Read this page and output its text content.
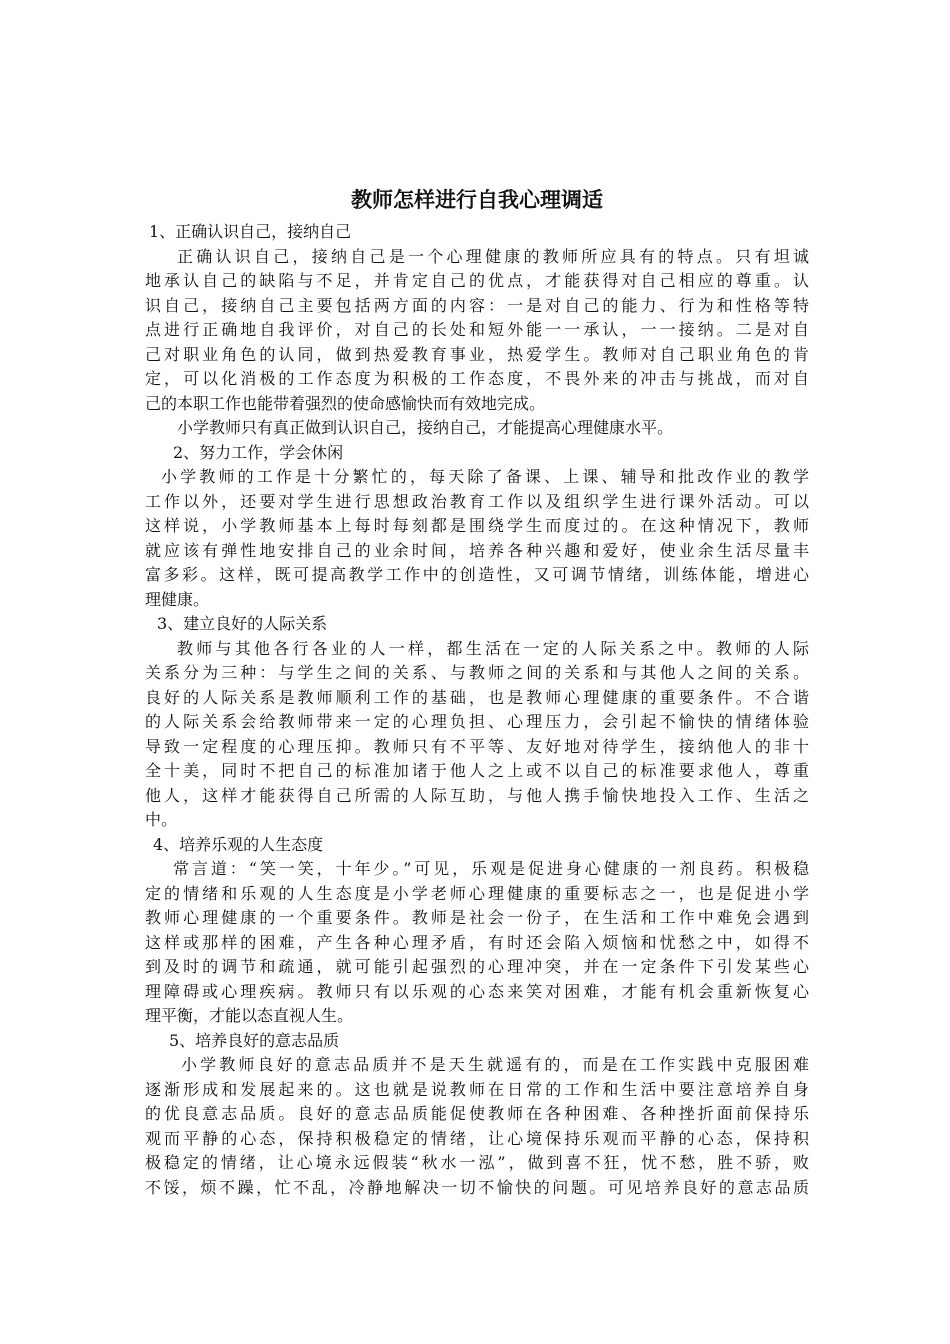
教师怎样进行自我心理调适

1、正确认识自己，接纳自己

正确认识自己，接纳自己是一个心理健康的教师所应具有的特点。只有坦诚

地承认自己的缺陷与不足，并肯定自己的优点，才能获得对自己相应的尊重。认

识自己，接纳自己主要包括两方面的内容：一是对自己的能力、行为和性格等特

点进行正确地自我评价，对自己的长处和短外能一一承认，一一接纳。二是对自

己对职业角色的认同，做到热爱教育事业，热爱学生。教师对自己职业角色的肯

定，可以化消极的工作态度为积极的工作态度，不畏外来的冲击与挑战，而对自

己的本职工作也能带着强烈的使命感愉快而有效地完成。

小学教师只有真正做到认识自己，接纳自己，才能提高心理健康水平。

2、努力工作，学会休闲

小学教师的工作是十分繁忙的，每天除了备课、上课、辅导和批改作业的教学

工作以外，还要对学生进行思想政治教育工作以及组织学生进行课外活动。可以

这样说，小学教师基本上每时每刻都是围绕学生而度过的。在这种情况下，教师

就应该有弹性地安排自己的业余时间，培养各种兴趣和爱好，使业余生活尽量丰

富多彩。这样，既可提高教学工作中的创造性，又可调节情绪，训练体能，增进心

理健康。

3、建立良好的人际关系

教师与其他各行各业的人一样，都生活在一定的人际关系之中。教师的人际

关系分为三种：与学生之间的关系、与教师之间的关系和与其他人之间的关系。

良好的人际关系是教师顺利工作的基础，也是教师心理健康的重要条件。不合谐

的人际关系会给教师带来一定的心理负担、心理压力，会引起不愉快的情绪体验

导致一定程度的心理压抑。教师只有不平等、友好地对待学生，接纳他人的非十

全十美，同时不把自己的标准加诸于他人之上或不以自己的标准要求他人，尊重

他人，这样才能获得自己所需的人际互助，与他人携手愉快地投入工作、生活之

中。

4、培养乐观的人生态度

常言道：“笑一笑，十年少。”可见，乐观是促进身心健康的一剂良药。积极稳

定的情绪和乐观的人生态度是小学老师心理健康的重要标志之一，也是促进小学

教师心理健康的一个重要条件。教师是社会一份子，在生活和工作中难免会遇到

这样或那样的困难，产生各种心理矛盾，有时还会陷入烦恼和忧愁之中，如得不

到及时的调节和疏通，就可能引起强烈的心理冲突，并在一定条件下引发某些心

理障碍或心理疾病。教师只有以乐观的心态来笑对困难，才能有机会重新恢复心

理平衡，才能以态直视人生。

5、培养良好的意志品质

小学教师良好的意志品质并不是天生就遥有的，而是在工作实践中克服困难

逐渐形成和发展起来的。这也就是说教师在日常的工作和生活中要注意培养自身

的优良意志品质。良好的意志品质能促使教师在各种困难、各种挫折面前保持乐

观而平静的心态，保持积极稳定的情绪，让心境保持乐观而平静的心态，保持积

极稳定的情绪，让心境永远假装“秋水一泓”，做到喜不狂，忧不愁，胜不骄，败

不馁，烦不躁，忙不乱，冷静地解决一切不愉快的问题。可见培养良好的意志品质
